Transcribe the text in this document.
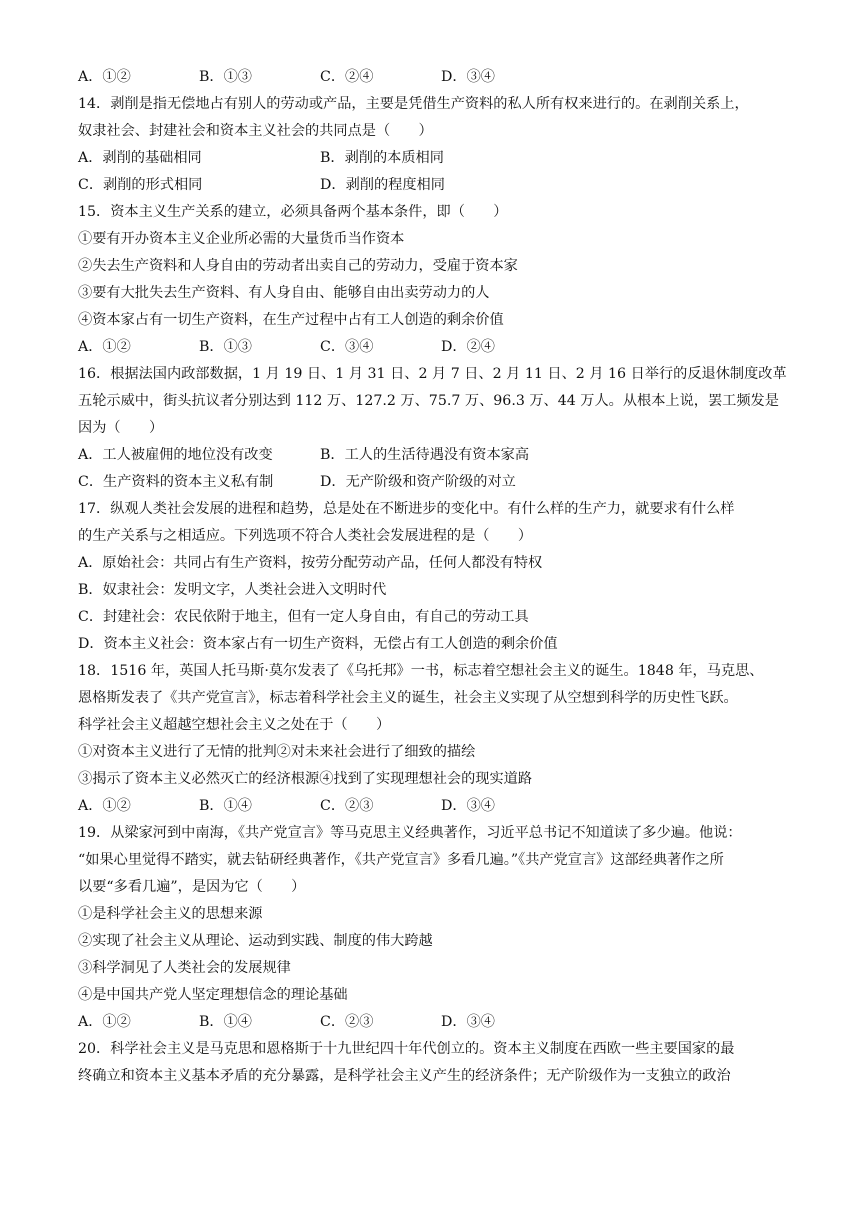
A．①②	B．①③	C．②④	D．③④
14．剥削是指无偿地占有别人的劳动或产品，主要是凭借生产资料的私人所有权来进行的。在剥削关系上，
奴隶社会、封建社会和资本主义社会的共同点是（　　）
A．剥削的基础相同	B．剥削的本质相同
C．剥削的形式相同	D．剥削的程度相同
15．资本主义生产关系的建立，必须具备两个基本条件，即（　　）
①要有开办资本主义企业所必需的大量货币当作资本
②失去生产资料和人身自由的劳动者出卖自己的劳动力，受雇于资本家
③要有大批失去生产资料、有人身自由、能够自由出卖劳动力的人
④资本家占有一切生产资料，在生产过程中占有工人创造的剩余价值
A．①②	B．①③	C．③④	D．②④
16．根据法国内政部数据，1 月 19 日、1 月 31 日、2 月 7 日、2 月 11 日、2 月 16 日举行的反退休制度改革
五轮示威中，街头抗议者分别达到 112 万、127.2 万、75.7 万、96.3 万、44 万人。从根本上说，罢工频发是
因为（　　）
A．工人被雇佣的地位没有改变	B．工人的生活待遇没有资本家高
C．生产资料的资本主义私有制	D．无产阶级和资产阶级的对立
17．纵观人类社会发展的进程和趋势，总是处在不断进步的变化中。有什么样的生产力，就要求有什么样
的生产关系与之相适应。下列选项不符合人类社会发展进程的是（　　）
A．原始社会：共同占有生产资料，按劳分配劳动产品，任何人都没有特权
B．奴隶社会：发明文字，人类社会进入文明时代
C．封建社会：农民依附于地主，但有一定人身自由，有自己的劳动工具
D．资本主义社会：资本家占有一切生产资料，无偿占有工人创造的剩余价值
18．1516 年，英国人托马斯·莫尔发表了《乌托邦》一书，标志着空想社会主义的诞生。1848 年，马克思、
恩格斯发表了《共产党宣言》，标志着科学社会主义的诞生，社会主义实现了从空想到科学的历史性飞跃。
科学社会主义超越空想社会主义之处在于（　　）
①对资本主义进行了无情的批判②对未来社会进行了细致的描绘
③揭示了资本主义必然灭亡的经济根源④找到了实现理想社会的现实道路
A．①②	B．①④	C．②③	D．③④
19．从梁家河到中南海，《共产党宣言》等马克思主义经典著作，习近平总书记不知道读了多少遍。他说：
“如果心里觉得不踏实，就去钻研经典著作，《共产党宣言》多看几遍。”《共产党宣言》这部经典著作之所
以要“多看几遍”，是因为它（　　）
①是科学社会主义的思想来源
②实现了社会主义从理论、运动到实践、制度的伟大跨越
③科学洞见了人类社会的发展规律
④是中国共产党人坚定理想信念的理论基础
A．①②	B．①④	C．②③	D．③④
20．科学社会主义是马克思和恩格斯于十九世纪四十年代创立的。资本主义制度在西欧一些主要国家的最
终确立和资本主义基本矛盾的充分暴露，是科学社会主义产生的经济条件；无产阶级作为一支独立的政治
